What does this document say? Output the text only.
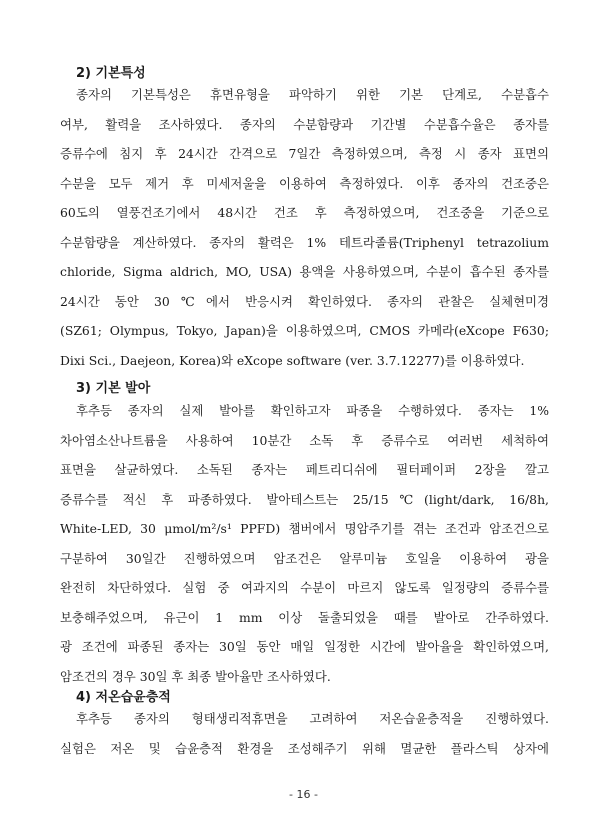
2) 기본특성
종자의 기본특성은 휴면유형을 파악하기 위한 기본 단계로, 수분흡수
여부, 활력을 조사하였다. 종자의 수분함량과 기간별 수분흡수율은 종자를
증류수에 침지 후 24시간 간격으로 7일간 측정하였으며, 측정 시 종자 표면의
수분을 모두 제거 후 미세저울을 이용하여 측정하였다. 이후 종자의 건조중은
60도의 열풍건조기에서 48시간 건조 후 측정하였으며, 건조중을 기준으로
수분함량을 계산하였다. 종자의 활력은 1% 테트라졸륨(Triphenyl tetrazolium
chloride, Sigma aldrich, MO, USA) 용액을 사용하였으며, 수분이 흡수된 종자를
24시간 동안 30℃에서 반응시켜 확인하였다. 종자의 관찰은 실체현미경
(SZ61; Olympus, Tokyo, Japan)을 이용하였으며, CMOS 카메라(eXcope F630;
Dixi Sci., Daejeon, Korea)와 eXcope software (ver. 3.7.12277)를 이용하였다.
3) 기본 발아
후추등 종자의 실제 발아를 확인하고자 파종을 수행하였다. 종자는 1%
차아염소산나트륨을 사용하여 10분간 소독 후 증류수로 여러번 세척하여
표면을 살균하였다. 소독된 종자는 페트리디쉬에 필터페이퍼 2장을 깔고
증류수를 적신 후 파종하였다. 발아테스트는 25/15℃(light/dark, 16/8h,
White-LED, 30 μmol/m²/s¹ PPFD) 챔버에서 명암주기를 겪는 조건과 암조건으로
구분하여 30일간 진행하였으며 암조건은 알루미늄 호일을 이용하여 광을
완전히 차단하였다. 실험 중 여과지의 수분이 마르지 않도록 일정량의 증류수를
보충해주었으며, 유근이 1 mm 이상 돌출되었을 때를 발아로 간주하였다.
광 조건에 파종된 종자는 30일 동안 매일 일정한 시간에 발아율을 확인하였으며,
암조건의 경우 30일 후 최종 발아율만 조사하였다.
4) 저온습윤층적
후추등 종자의 형태생리적휴면을 고려하여 저온습윤층적을 진행하였다.
실험은 저온 및 습윤층적 환경을 조성해주기 위해 멸균한 플라스틱 상자에
- 16 -
